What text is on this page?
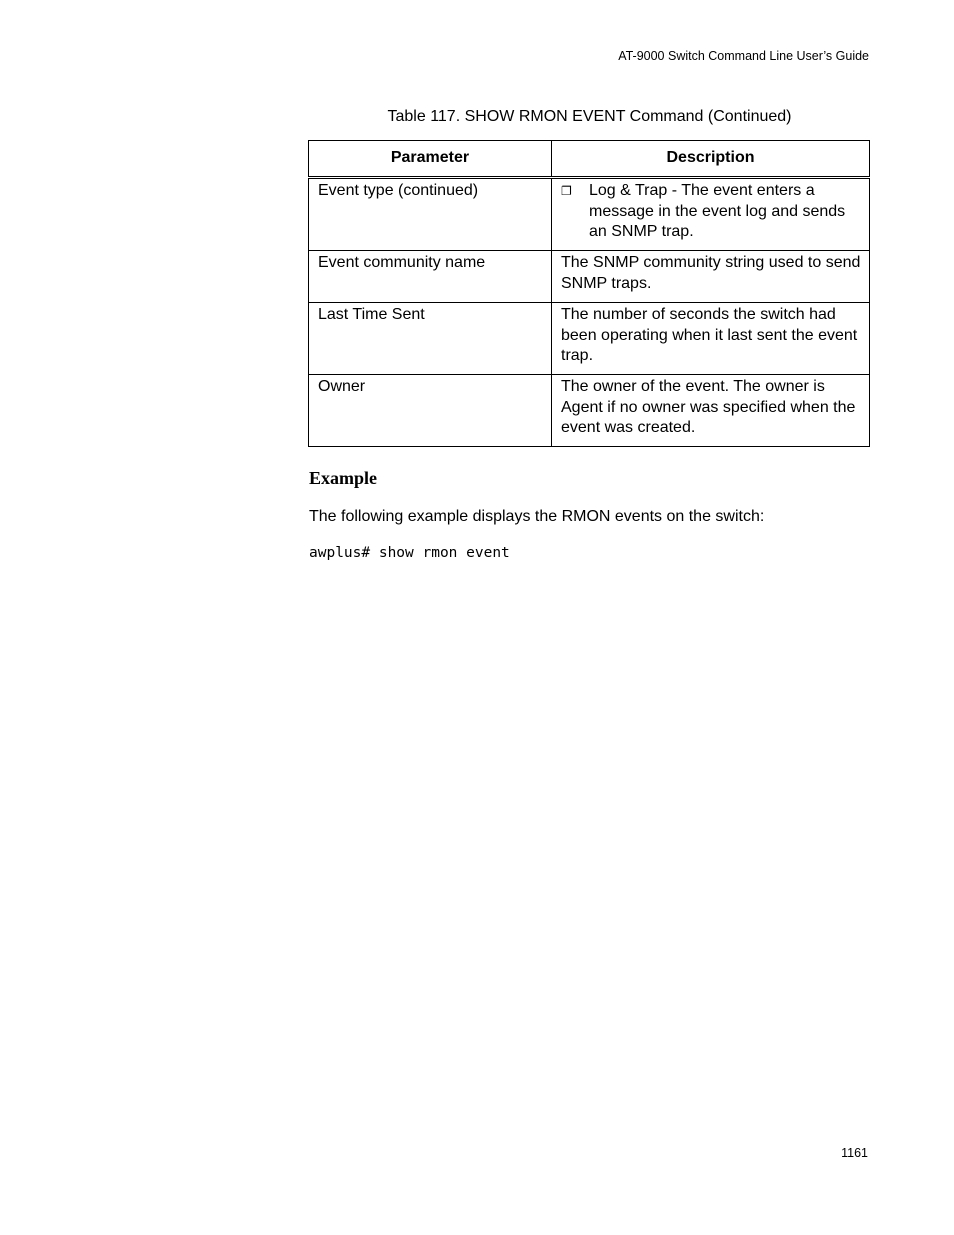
AT-9000 Switch Command Line User’s Guide
Table 117. SHOW RMON EVENT Command (Continued)
Parameter	Description
Event type (continued)	❐ Log & Trap - The event enters a message in the event log and sends an SNMP trap.

Event community name	The SNMP community string used to send SNMP traps.
Last Time Sent	The number of seconds the switch had been operating when it last sent the event trap.
Owner	The owner of the event. The owner is Agent if no owner was specified when the event was created.
Example
The following example displays the RMON events on the switch:
awplus# show rmon event
1161
